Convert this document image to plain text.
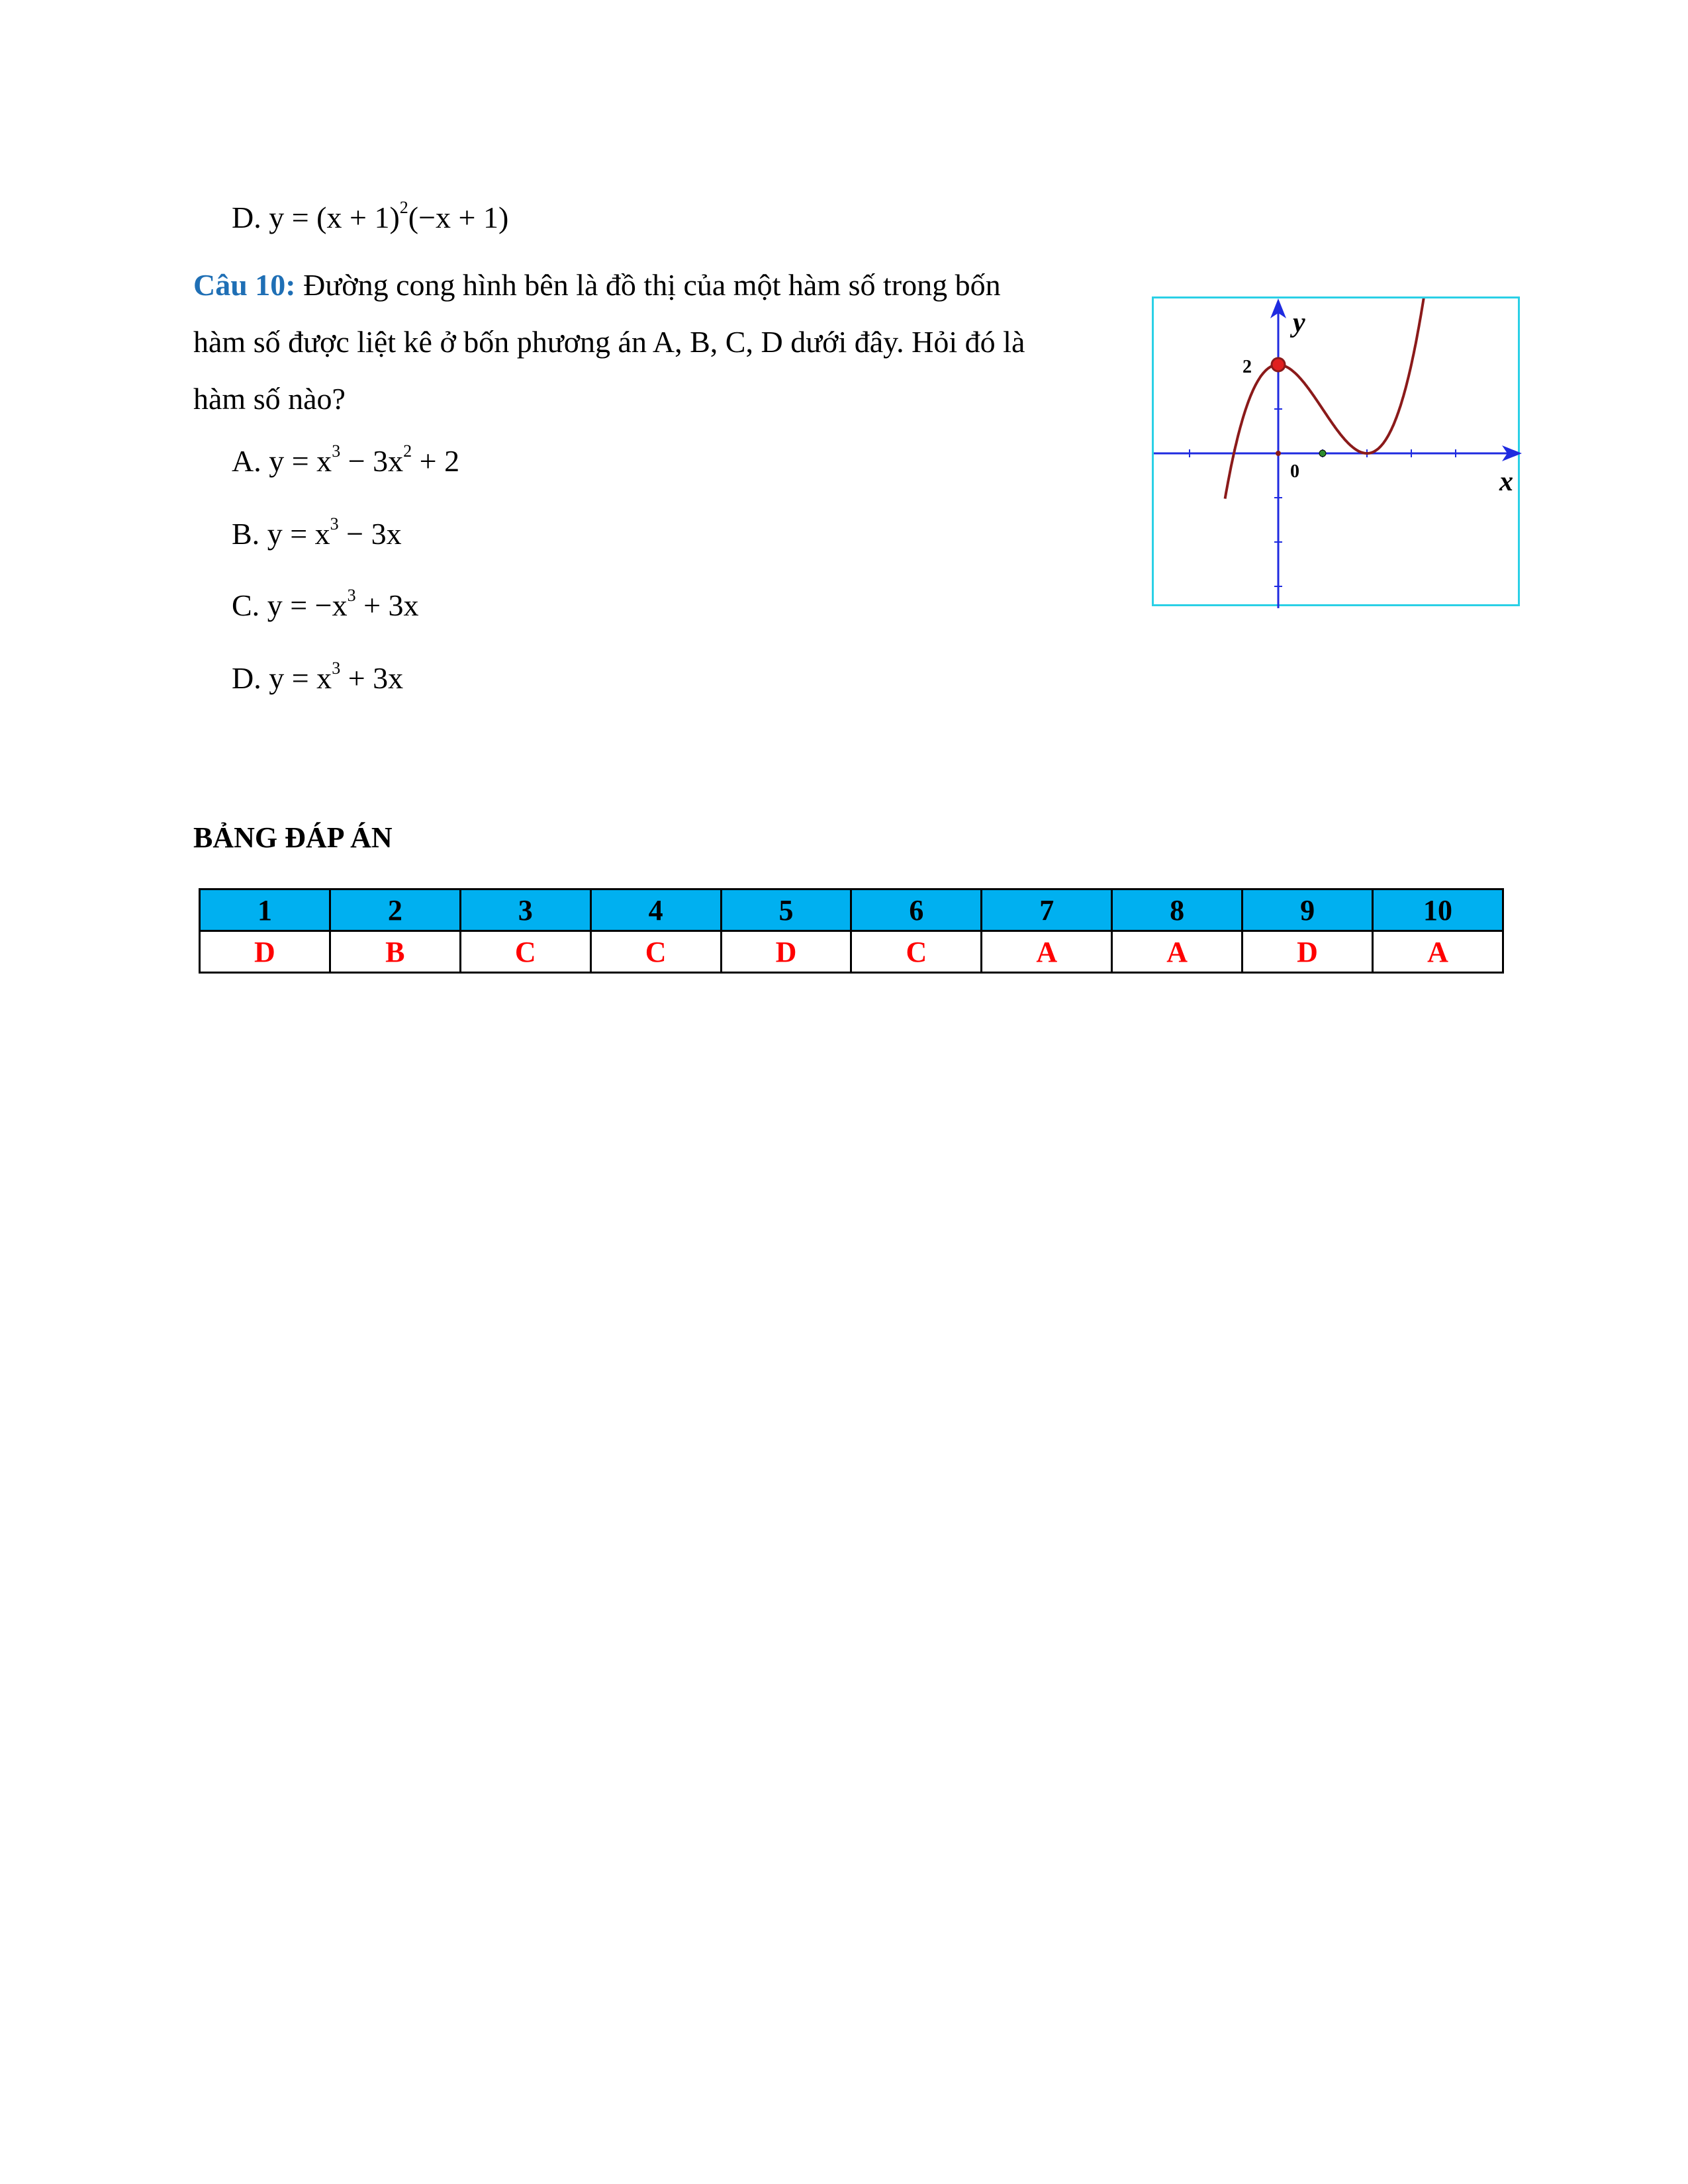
D. $y = (x + 1)^2(-x + 1)$
Câu 10: Đường cong hình bên là đồ thị của một hàm số trong bốn
hàm số được liệt kê ở bốn phương án A, B, C, D dưới đây. Hỏi đó là
hàm số nào?
A. $y = x^3 - 3x^2 + 2$
B. $y = x^3 - 3x$
C. $y = -x^3 + 3x$
D. $y = x^3 + 3x$
y
x
2
0
BẢNG ĐÁP ÁN
1	2	3	4	5	6	7	8	9	10
D	B	C	C	D	C	A	A	D	A
